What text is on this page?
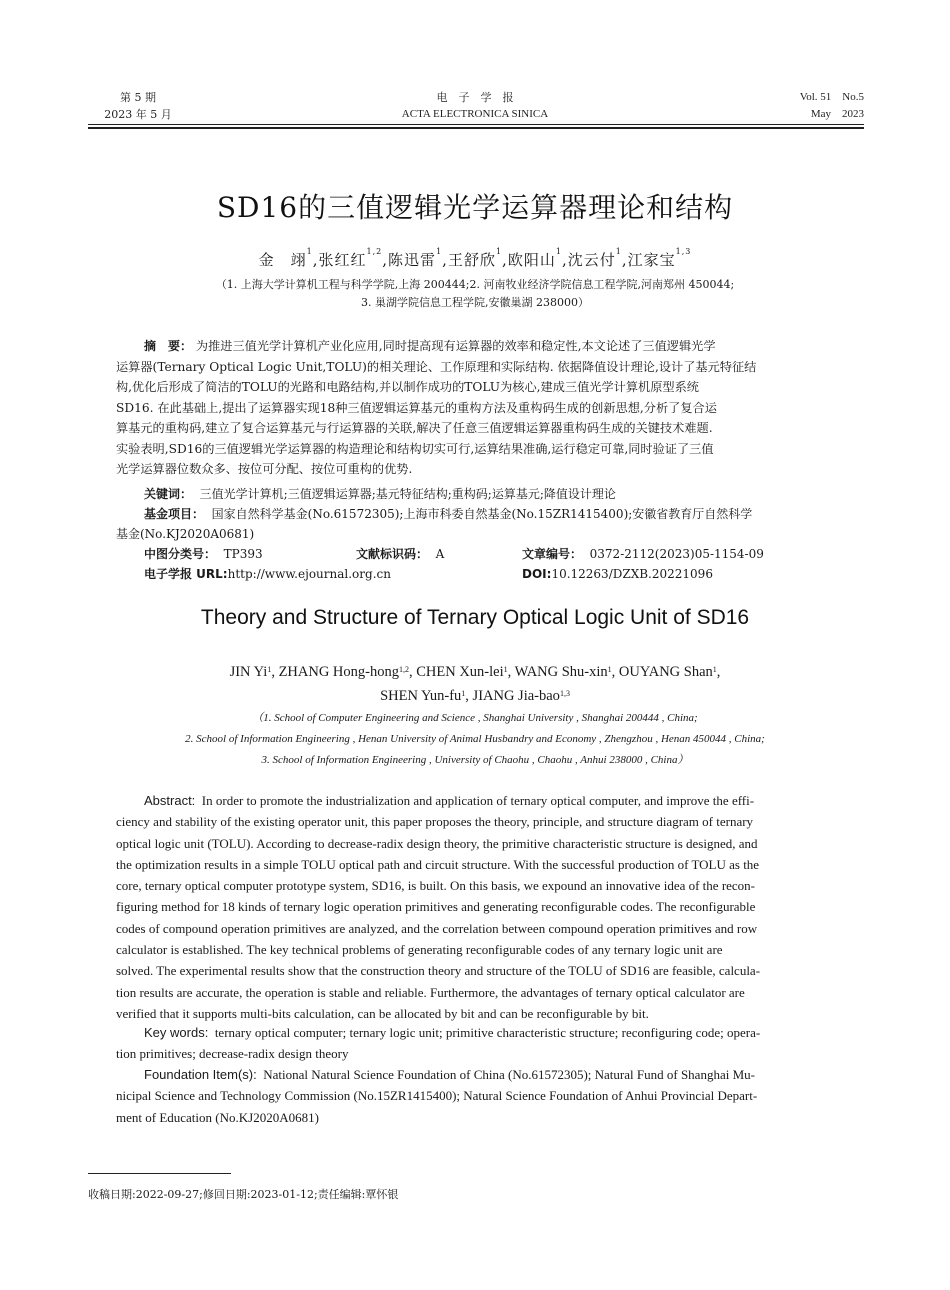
第 5 期
2023 年 5 月
电　子　学　报
ACTA ELECTRONICA SINICA
Vol. 51　No.5
May　2023
SD16的三值逻辑光学运算器理论和结构
金　翊$^1$,张红红$^{1,2}$,陈迅雷$^1$,王舒欣$^1$,欧阳山$^1$,沈云付$^1$,江家宝$^{1,3}$
（1. 上海大学计算机工程与科学学院,上海 200444;2. 河南牧业经济学院信息工程学院,河南郑州 450044;
3. 巢湖学院信息工程学院,安徽巢湖 238000）
摘　要： 为推进三值光学计算机产业化应用,同时提高现有运算器的效率和稳定性,本文论述了三值逻辑光学
运算器(Ternary Optical Logic Unit,TOLU)的相关理论、工作原理和实际结构. 依据降值设计理论,设计了基元特征结
构,优化后形成了简洁的TOLU的光路和电路结构,并以制作成功的TOLU为核心,建成三值光学计算机原型系统
SD16. 在此基础上,提出了运算器实现18种三值逻辑运算基元的重构方法及重构码生成的创新思想,分析了复合运
算基元的重构码,建立了复合运算基元与行运算器的关联,解决了任意三值逻辑运算器重构码生成的关键技术难题.
实验表明,SD16的三值逻辑光学运算器的构造理论和结构切实可行,运算结果准确,运行稳定可靠,同时验证了三值
光学运算器位数众多、按位可分配、按位可重构的优势.
关键词： 三值光学计算机;三值逻辑运算器;基元特征结构;重构码;运算基元;降值设计理论
基金项目： 国家自然科学基金(No.61572305);上海市科委自然基金(No.15ZR1415400);安徽省教育厅自然科学
基金(No.KJ2020A0681)
中图分类号： TP393	文献标识码： A	文章编号： 0372-2112(2023)05-1154-09
电子学报 URL:http://www.ejournal.org.cn	DOI:10.12263/DZXB.20221096
Theory and Structure of Ternary Optical Logic Unit of SD16
JIN Yi$^1$, ZHANG Hong-hong$^{1,2}$, CHEN Xun-lei$^1$, WANG Shu-xin$^1$, OUYANG Shan$^1$,
SHEN Yun-$fu^1$, JIANG Jia-bao$^{1,3}$
（1. School of Computer Engineering and Science , Shanghai University , Shanghai 200444 , China;
2. School of Information Engineering , Henan University of Animal Husbandry and Economy , Zhengzhou , Henan 450044 , China;
3. School of Information Engineering , University of Chaohu , Chaohu , Anhui 238000 , China）
Abstract: In order to promote the industrialization and application of ternary optical computer, and improve the effi-
ciency and stability of the existing operator unit, this paper proposes the theory, principle, and structure diagram of ternary
optical logic unit (TOLU). According to decrease-radix design theory, the primitive characteristic structure is designed, and
the optimization results in a simple TOLU optical path and circuit structure. With the successful production of TOLU as the
core, ternary optical computer prototype system, SD16, is built. On this basis, we expound an innovative idea of the recon-
figuring method for 18 kinds of ternary logic operation primitives and generating reconfigurable codes. The reconfigurable
codes of compound operation primitives are analyzed, and the correlation between compound operation primitives and row
calculator is established. The key technical problems of generating reconfigurable codes of any ternary logic unit are
solved. The experimental results show that the construction theory and structure of the TOLU of SD16 are feasible, calcula-
tion results are accurate, the operation is stable and reliable. Furthermore, the advantages of ternary optical calculator are
verified that it supports multi-bits calculation, can be allocated by bit and can be reconfigurable by bit.
Key words: ternary optical computer; ternary logic unit; primitive characteristic structure; reconfiguring code; opera-
tion primitives; decrease-radix design theory
Foundation Item(s): National Natural Science Foundation of China (No.61572305); Natural Fund of Shanghai Mu-
nicipal Science and Technology Commission (No.15ZR1415400); Natural Science Foundation of Anhui Provincial Depart-
ment of Education (No.KJ2020A0681)
收稿日期:2022-09-27;修回日期:2023-01-12;责任编辑:覃怀银
